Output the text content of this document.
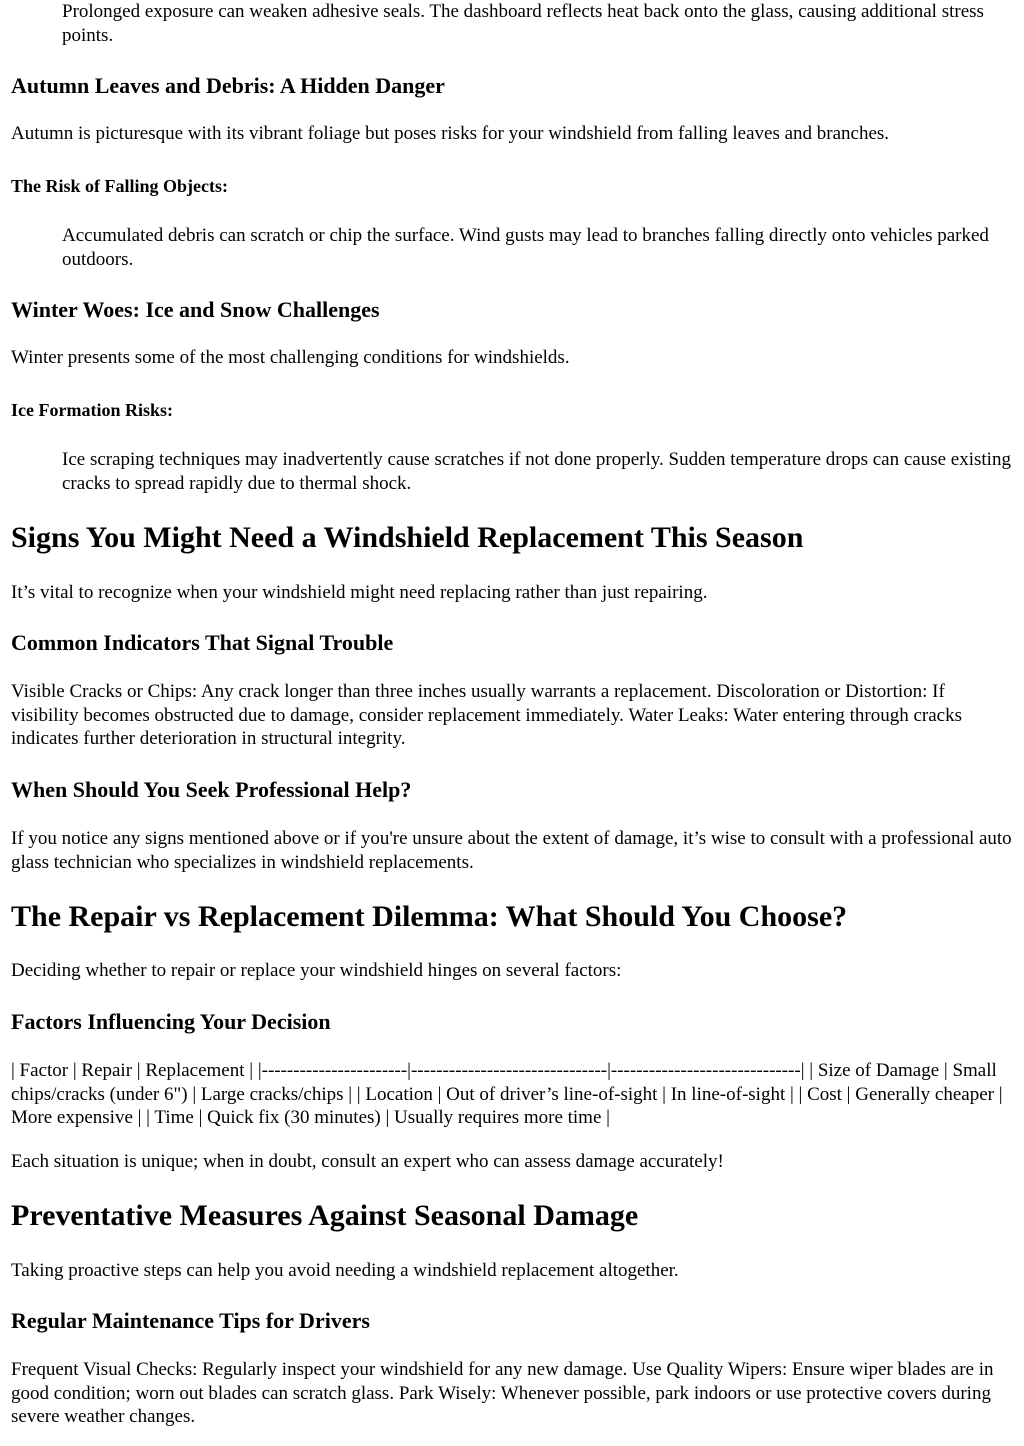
Prolonged exposure can weaken adhesive seals. The dashboard reflects heat back onto the glass, causing additional stress points.
Autumn Leaves and Debris: A Hidden Danger

Autumn is picturesque with its vibrant foliage but poses risks for your windshield from falling leaves and branches.

The Risk of Falling Objects:
Accumulated debris can scratch or chip the surface. Wind gusts may lead to branches falling directly onto vehicles parked outdoors.
Winter Woes: Ice and Snow Challenges

Winter presents some of the most challenging conditions for windshields.

Ice Formation Risks:
Ice scraping techniques may inadvertently cause scratches if not done properly. Sudden temperature drops can cause existing cracks to spread rapidly due to thermal shock.
Signs You Might Need a Windshield Replacement This Season

It’s vital to recognize when your windshield might need replacing rather than just repairing.

Common Indicators That Signal Trouble

Visible Cracks or Chips: Any crack longer than three inches usually warrants a replacement. Discoloration or Distortion: If visibility becomes obstructed due to damage, consider replacement immediately. Water Leaks: Water entering through cracks indicates further deterioration in structural integrity.

When Should You Seek Professional Help?

If you notice any signs mentioned above or if you're unsure about the extent of damage, it’s wise to consult with a professional auto glass technician who specializes in windshield replacements.

The Repair vs Replacement Dilemma: What Should You Choose?

Deciding whether to repair or replace your windshield hinges on several factors:

Factors Influencing Your Decision

| Factor | Repair | Replacement | |-----------------------|-------------------------------|------------------------------| | Size of Damage | Small chips/cracks (under 6") | Large cracks/chips | | Location | Out of driver’s line-of-sight | In line-of-sight | | Cost | Generally cheaper | More expensive | | Time | Quick fix (30 minutes) | Usually requires more time |

Each situation is unique; when in doubt, consult an expert who can assess damage accurately!

Preventative Measures Against Seasonal Damage

Taking proactive steps can help you avoid needing a windshield replacement altogether.

Regular Maintenance Tips for Drivers

Frequent Visual Checks: Regularly inspect your windshield for any new damage. Use Quality Wipers: Ensure wiper blades are in good condition; worn out blades can scratch glass. Park Wisely: Whenever possible, park indoors or use protective covers during severe weather changes.
